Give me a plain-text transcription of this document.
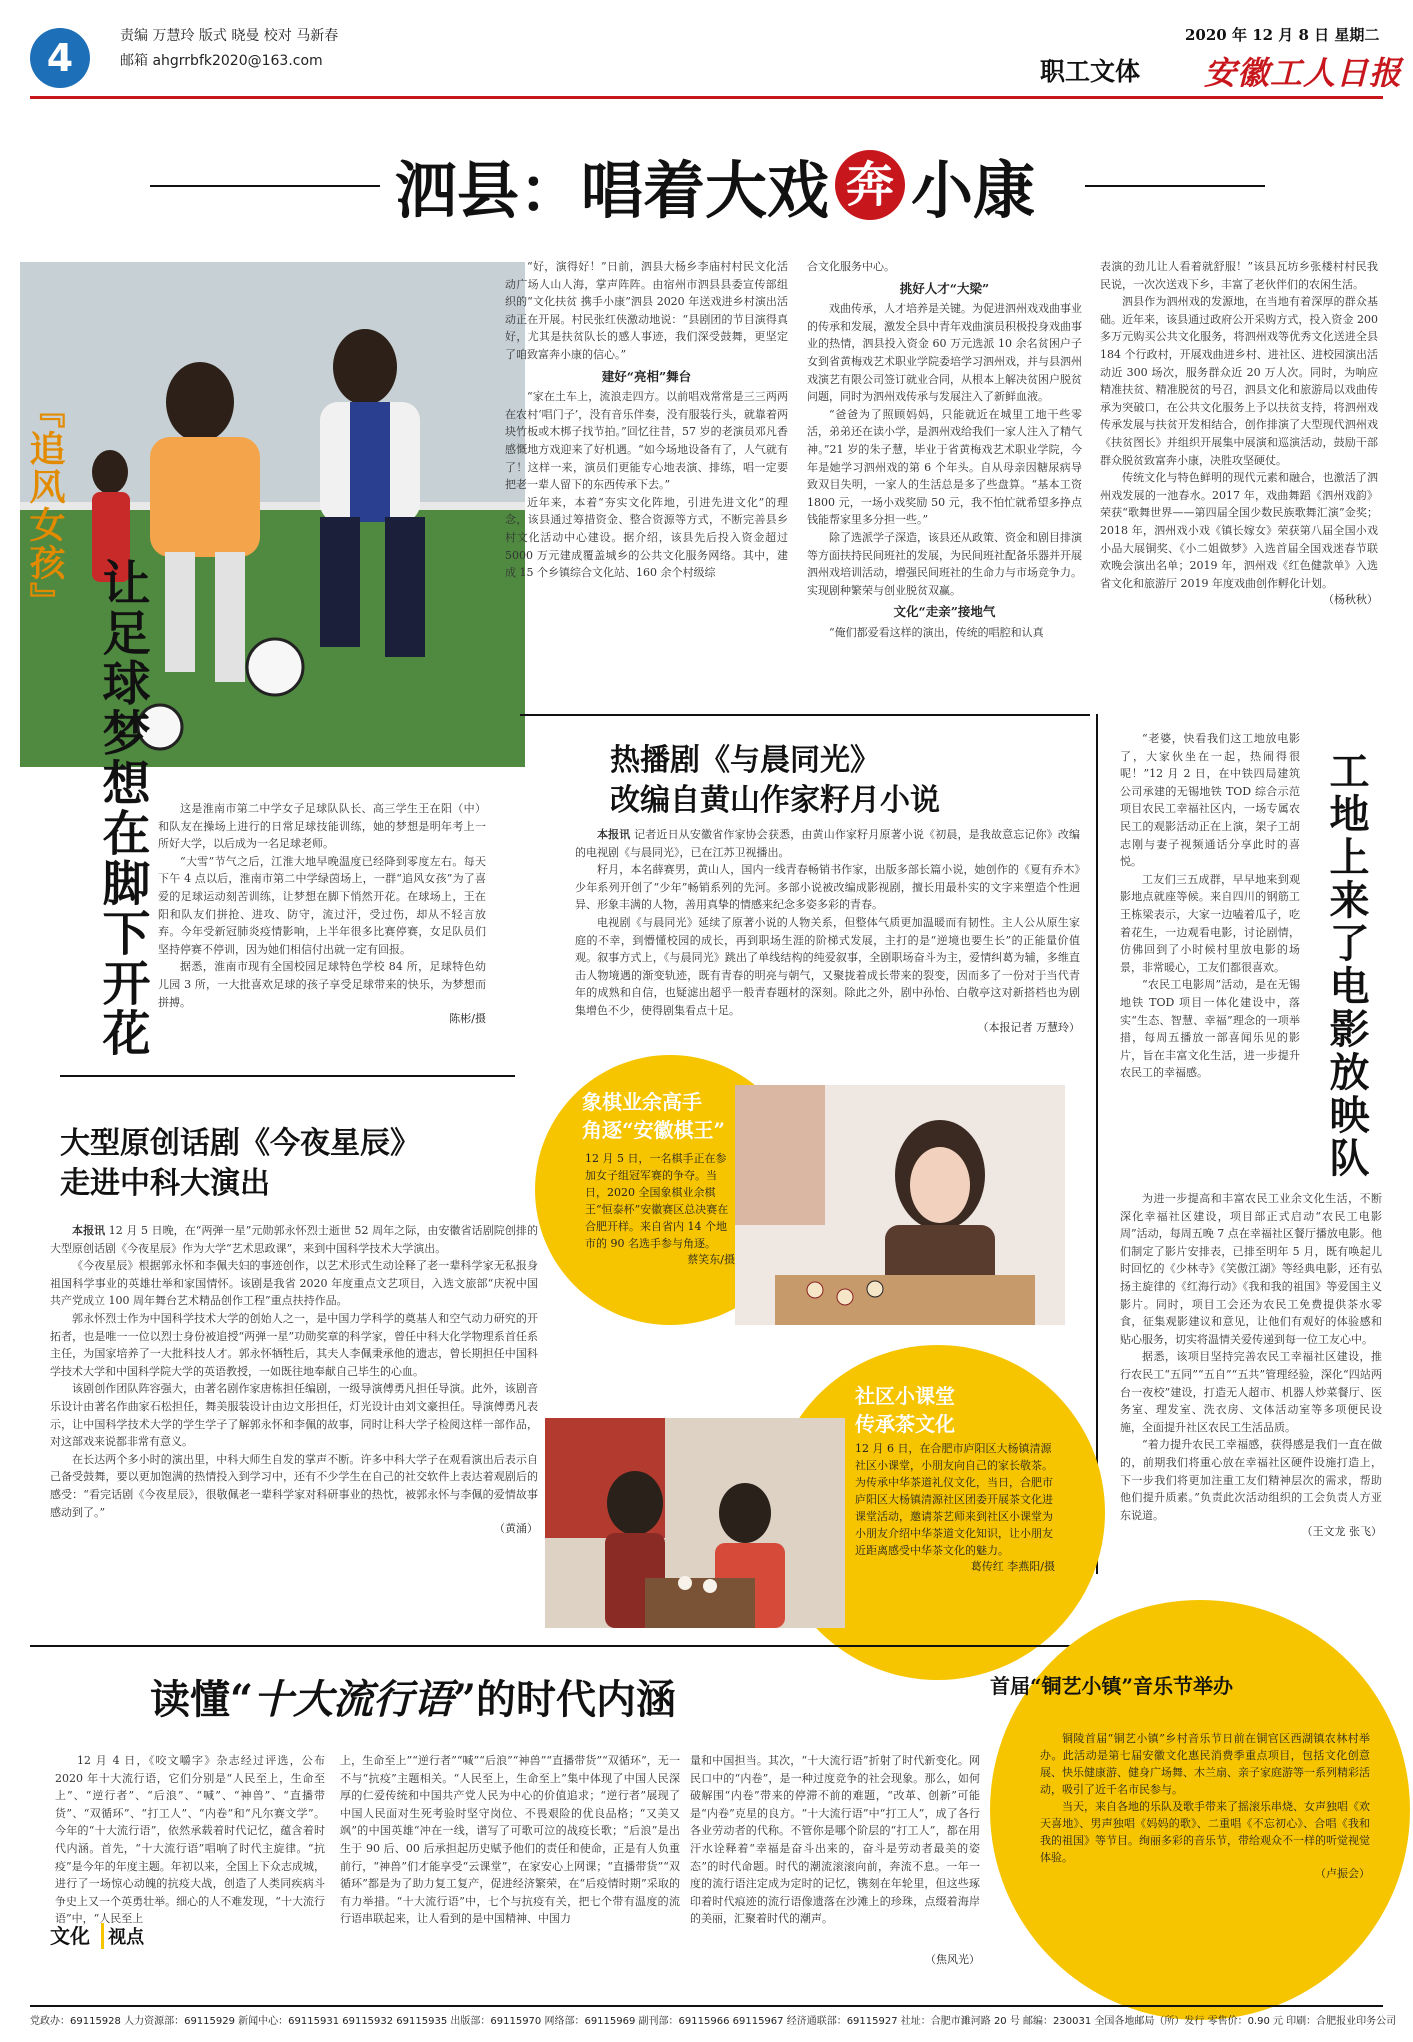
4	责编 万慧玲 版式 晓曼 校对 马新春
邮箱 ahgrrbfk2020@163.com
2020 年 12 月 8 日 星期二
职工文体 安徽工人日报
泗县：唱着大戏 奔 小康
『追风女孩』
让足球梦想在脚下开花	这是淮南市第二中学女子足球队队长、高三学生王在阳（中）和队友在操场上进行的日常足球技能训练，她的梦想是明年考上一所好大学，以后成为一名足球老师。

“大雪”节气之后，江淮大地早晚温度已经降到零度左右。每天下午 4 点以后，淮南市第二中学绿茵场上，一群“追风女孩”为了喜爱的足球运动刻苦训练，让梦想在脚下悄然开花。在球场上，王在阳和队友们拼抢、进攻、防守，流过汗，受过伤，却从不轻言放弃。今年受新冠肺炎疫情影响，上半年很多比赛停赛，女足队员们坚持停赛不停训，因为她们相信付出就一定有回报。

据悉，淮南市现有全国校园足球特色学校 84 所，足球特色幼儿园 3 所，一大批喜欢足球的孩子享受足球带来的快乐，为梦想而拼搏。

陈彬/摄

“好，演得好！”日前，泗县大杨乡李庙村村民文化活动广场人山人海，掌声阵阵。由宿州市泗县县委宣传部组织的“文化扶贫 携手小康”泗县 2020 年送戏进乡村演出活动正在开展。村民张红侠激动地说：“县剧团的节目演得真好，尤其是扶贫队长的感人事迹，我们深受鼓舞，更坚定了咱致富奔小康的信心。”

建好“亮相”舞台

“家在土车上，流浪走四方。以前唱戏常常是三三两两在农村‘唱门子’，没有音乐伴奏，没有服装行头，就靠着两块竹板或木梆子找节拍。”回忆往昔，57 岁的老演员邓凡香感慨地方戏迎来了好机遇。“如今场地设备有了，人气就有了！这样一来，演员们更能专心地表演、排练，唱一定要把老一辈人留下的东西传承下去。”

近年来，本着“夯实文化阵地，引进先进文化”的理念，该县通过筹措资金、整合资源等方式，不断完善县乡村文化活动中心建设。据介绍，该县先后投入资金超过 5000 万元建成覆盖城乡的公共文化服务网络。其中，建成 15 个乡镇综合文化站、160 余个村级综

合文化服务中心。
挑好人才“大梁”

戏曲传承，人才培养是关键。为促进泗州戏戏曲事业的传承和发展，激发全县中青年戏曲演员积极投身戏曲事业的热情，泗县投入资金 60 万元选派 10 余名贫困户子女到省黄梅戏艺术职业学院委培学习泗州戏，并与县泗州戏演艺有限公司签订就业合同，从根本上解决贫困户脱贫问题，同时为泗州戏传承与发展注入了新鲜血液。

“爸爸为了照顾妈妈，只能就近在城里工地干些零活，弟弟还在读小学，是泗州戏给我们一家人注入了精气神。”21 岁的朱子慧，毕业于省黄梅戏艺术职业学院，今年是她学习泗州戏的第 6 个年头。自从母亲因糖尿病导致双目失明，一家人的生活总是多了些盘算。“基本工资 1800 元，一场小戏奖励 50 元，我不怕忙就希望多挣点钱能帮家里多分担一些。”

除了选派学子深造，该县还从政策、资金和剧目排演等方面扶持民间班社的发展，为民间班社配备乐器并开展泗州戏培训活动，增强民间班社的生命力与市场竞争力。实现剧种繁荣与创业脱贫双赢。

文化“走亲”接地气

“俺们都爱看这样的演出，传统的唱腔和认真

表演的劲儿让人看着就舒服！”该县瓦坊乡张楼村村民我民说，一次次送戏下乡，丰富了老伙伴们的农闲生活。

泗县作为泗州戏的发源地，在当地有着深厚的群众基础。近年来，该县通过政府公开采购方式，投入资金 200 多万元购买公共文化服务，将泗州戏等优秀文化送进全县 184 个行政村，开展戏曲进乡村、进社区、进校园演出活动近 300 场次，服务群众近 20 万人次。同时，为响应精准扶贫、精准脱贫的号召，泗县文化和旅游局以戏曲传承为突破口，在公共文化服务上予以扶贫支持，将泗州戏传承发展与扶贫开发相结合，创作排演了大型现代泗州戏《扶贫图长》并组织开展集中展演和巡演活动，鼓励干部群众脱贫致富奔小康，决胜攻坚硬仗。

传统文化与特色鲜明的现代元素和融合，也激活了泗州戏发展的一池春水。2017 年，戏曲舞蹈《泗州戏韵》荣获“歌舞世界——第四届全国少数民族歌舞汇演”金奖；2018 年，泗州戏小戏《镇长嫁女》荣获第八届全国小戏小品大展铜奖、《小二姐做梦》入选首届全国戏迷春节联欢晚会演出名单；2019 年，泗州戏《红色健款单》入选省文化和旅游厅 2019 年度戏曲创作孵化计划。

（杨秋秋）
热播剧《与晨同光》
改编自黄山作家籽月小说

本报讯 记者近日从安徽省作家协会获悉，由黄山作家籽月原著小说《初晨，是我故意忘记你》改编的电视剧《与晨同光》，已在江苏卫视播出。

籽月，本名薛赛男，黄山人，国内一线青春畅销书作家，出版多部长篇小说，她创作的《夏有乔木》少年系列开创了“少年”畅销系列的先河。多部小说被改编成影视剧，擅长用最朴实的文字来塑造个性迥异、形象丰满的人物，善用真挚的情感来纪念多姿多彩的青春。

电视剧《与晨同光》延续了原著小说的人物关系，但整体气质更加温暖而有韧性。主人公从原生家庭的不幸，到懵懂校园的成长，再到职场生涯的阶梯式发展，主打的是“逆境也要生长”的正能量价值观。叙事方式上，《与晨同光》跳出了单线结构的纯爱叙事，全剧职场奋斗为主，爱情纠葛为辅，多维直击人物境遇的渐变轨迹，既有青春的明亮与朝气，又聚拢着成长带来的裂变，因而多了一份对于当代青年的成熟和自信，也疑滤出超乎一般青春题材的深刻。除此之外，剧中孙怡、白敬亭这对新搭档也为剧集增色不少，使得剧集看点十足。

（本报记者 万慧玲）	工地上来了电影放映队

“老婆，快看我们这工地放电影了，大家伙坐在一起，热闹得很呢！”12 月 2 日，在中铁四局建筑公司承建的无锡地铁 TOD 综合示范项目农民工幸福社区内，一场专属农民工的观影活动正在上演，架子工胡志刚与妻子视频通话分享此时的喜悦。

工友们三五成群，早早地来到观影地点就座等候。来自四川的钢筋工王栋梁表示，大家一边嗑着瓜子，吃着花生，一边观看电影，讨论剧情，仿佛回到了小时候村里放电影的场景，非常暖心，工友们都很喜欢。

“农民工电影周”活动，是在无锡地铁 TOD 项目一体化建设中，落实“生态、智慧、幸福”理念的一项举措，每周五播放一部喜闻乐见的影片，旨在丰富文化生活，进一步提升农民工的幸福感。

为进一步提高和丰富农民工业余文化生活，不断深化幸福社区建设，项目部正式启动“农民工电影周”活动，每周五晚 7 点在幸福社区餐厅播放电影。他们制定了影片安排表，已排至明年 5 月，既有唤起儿时回忆的《少林寺》《笑傲江湖》等经典电影，还有弘扬主旋律的《红海行动》《我和我的祖国》等爱国主义影片。同时，项目工会还为农民工免费提供茶水零食，征集观影建议和意见，让他们有观好的体验感和贴心服务，切实将温情关爱传递到每一位工友心中。

据悉，该项目坚持完善农民工幸福社区建设，推行农民工“五同”“五自”“五共”管理经验，深化“四站两台一夜校”建设，打造无人超市、机器人炒菜餐厅、医务室、理发室、洗衣房、文体活动室等多项便民设施，全面提升社区农民工生活品质。

“着力提升农民工幸福感，获得感是我们一直在做的，前期我们将重心放在幸福社区硬件设施打造上，下一步我们将更加注重工友们精神层次的需求，帮助他们提升质素。”负责此次活动组织的工会负责人方亚东说道。

（王文龙 张飞）
象棋业余高手
角逐“安徽棋王”
12 月 5 日，一名棋手正在参加女子组冠军赛的争夺。当日，2020 全国象棋业余棋王“恒泰杯”安徽赛区总决赛在合肥开样。来自省内 14 个地市的 90 名选手参与角逐。
蔡笑东/摄
社区小课堂
传承茶文化
12 月 6 日，在合肥市庐阳区大杨镇清源社区小课堂，小朋友向自己的家长敬茶。为传承中华茶道礼仪文化，当日，合肥市庐阳区大杨镇清源社区团委开展茶文化进课堂活动，邀请茶艺师来到社区小课堂为小朋友介绍中华茶道文化知识，让小朋友近距离感受中华茶文化的魅力。
葛传红 李燕阳/摄
大型原创话剧《今夜星辰》
走进中科大演出

本报讯 12 月 5 日晚，在“两弹一星”元勋郭永怀烈士逝世 52 周年之际，由安徽省话剧院创排的大型原创话剧《今夜星辰》作为大学“艺术思政课”，来到中国科学技术大学演出。

《今夜星辰》根据郭永怀和李佩夫妇的事迹创作，以艺术形式生动诠释了老一辈科学家无私报身祖国科学事业的英雄壮举和家国情怀。该剧是我省 2020 年度重点文艺项目，入选文旅部“庆祝中国共产党成立 100 周年舞台艺术精品创作工程”重点扶持作品。

郭永怀烈士作为中国科学技术大学的创始人之一，是中国力学科学的奠基人和空气动力研究的开拓者，也是唯一一位以烈士身份被追授“两弹一星”功勋奖章的科学家，曾任中科大化学物理系首任系主任，为国家培养了一大批科技人才。郭永怀牺牲后，其夫人李佩秉承他的遗志，曾长期担任中国科学技术大学和中国科学院大学的英语教授，一如既往地奉献自己毕生的心血。

该剧创作团队阵容强大，由著名剧作家唐栋担任编剧，一级导演傅勇凡担任导演。此外，该剧音乐设计由著名作曲家石松担任，舞美服装设计由边文彤担任，灯光设计由刘文豪担任。导演傅勇凡表示，让中国科学技术大学的学生学子了解郭永怀和李佩的故事，同时让科大学子检阅这样一部作品，对这部戏来说都非常有意义。

在长达两个多小时的演出里，中科大师生自发的掌声不断。许多中科大学子在观看演出后表示自己备受鼓舞，要以更加饱满的热情投入到学习中，还有不少学生在自己的社交软件上表达着观剧后的感受：“看完话剧《今夜星辰》，很敬佩老一辈科学家对科研事业的热忱，被郭永怀与李佩的爱情故事感动到了。”

（黄涌）
读懂“十大流行语”的时代内涵

12 月 4 日，《咬文嚼字》杂志经过评选，公布 2020 年十大流行语，它们分别是“人民至上，生命至上”、“逆行者”、“后浪”、“喊”、“神兽”、“直播带货”、“双循环”、“打工人”、“内卷”和“凡尔赛文学”。今年的“十大流行语”，依然承载着时代记忆，蕴含着时代内涵。首先，“十大流行语”唱响了时代主旋律。“抗疫”是今年的年度主题。年初以来，全国上下众志成城，进行了一场惊心动魄的抗疫大战，创造了人类同疾病斗争史上又一个英勇壮举。细心的人不难发现，“十大流行语”中，“人民至上

上，生命至上”“逆行者”“喊”“后浪”“神兽”“直播带货”“双循环”，无一不与“抗疫”主题相关。“人民至上，生命至上”集中体现了中国人民深厚的仁爱传统和中国共产党人民为中心的价值追求；“逆行者”展现了中国人民面对生死考验时坚守岗位、不畏艰险的优良品格；“又美又飒”的中国英雄“冲在一线，谱写了可歌可泣的战疫长歌；“后浪”是出生于 90 后、00 后承担起历史赋予他们的责任和使命，正是有人负重前行，“神兽”们才能享受“云课堂”，在家安心上网课；“直播带货”“双循环”都是为了助力复工复产，促进经济繁荣，在“后疫情时期”采取的有力举措。“十大流行语”中，七个与抗疫有关，把七个带有温度的流行语串联起来，让人看到的是中国精神、中国力
量和中国担当。其次，“十大流行语”折射了时代新变化。网民口中的“内卷”，是一种过度竞争的社会现象。那么，如何破解围“内卷”带来的停滞不前的难题，“改革、创新”可能是“内卷”克星的良方。“十大流行语”中“打工人”，成了各行各业劳动者的代称。不管你是哪个阶层的“打工人”，都在用汗水诠释着“幸福是奋斗出来的，奋斗是劳动者最美的姿态”的时代命题。时代的潮流滚滚向前，奔流不息。一年一度的流行语注定成为定时的记忆，镌刻在年轮里，但这些琢印着时代痕迹的流行语像遗落在沙滩上的珍珠，点缀着海岸的美丽，汇聚着时代的潮声。
（焦风光）
文化 视点
首届“铜艺小镇”音乐节举办

铜陵首届“铜艺小镇”乡村音乐节日前在铜官区西湖镇农林村举办。此活动是第七届安徽文化惠民消费季重点项目，包括文化创意展、快乐健康游、健身广场舞、木兰扇、亲子家庭游等一系列精彩活动，吸引了近千名市民参与。

当天，来自各地的乐队及歌手带来了摇滚乐串烧、女声独唱《欢天喜地》、男声独唱《妈妈的歌》、二重唱《不忘初心》、合唱《我和我的祖国》等节目。绚丽多彩的音乐节，带给观众不一样的听觉视觉体验。

（卢振会）
党政办：69115928 人力资源部：69115929 新闻中心：69115931 69115932 69115935 出版部：69115970 网络部：69115969 副刊部：69115966 69115967 经济通联部：69115927 社址：合肥市濉河路 20 号 邮编：230031 全国各地邮局（所）发行 零售价：0.90 元 印刷：合肥报业印务公司
